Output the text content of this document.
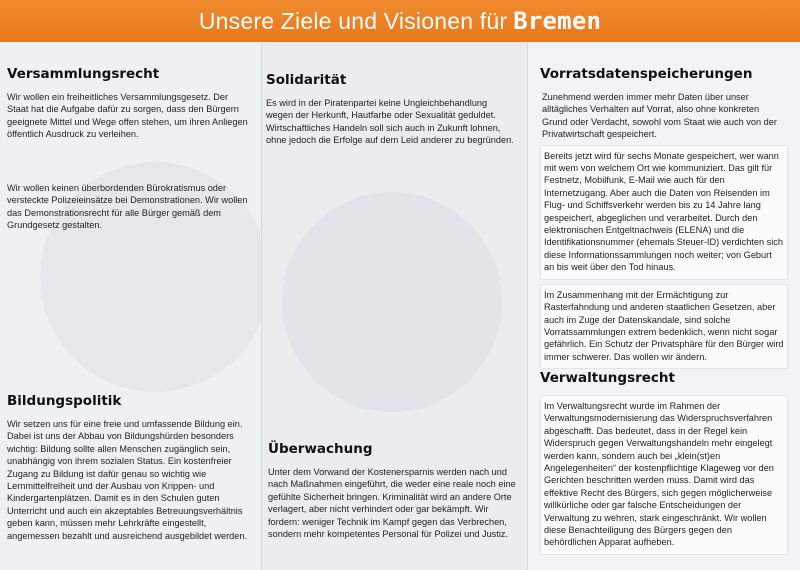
Unsere Ziele und Visionen für Bremen
Versammlungsrecht

Wir wollen ein freiheitliches Versammlungsgesetz. Der Staat hat die Aufgabe dafür zu sorgen, dass den Bürgern geeignete Mittel und Wege offen stehen, um ihren Anliegen öffentlich Ausdruck zu verleihen.

Wir wollen keinen überbordenden Bürokratismus oder versteckte Polizeieinsätze bei Demonstrationen. Wir wollen das Demonstrationsrecht für alle Bürger gemäß dem Grundgesetz gestalten.

Bildungspolitik

Wir setzen uns für eine freie und umfassende Bildung ein. Dabei ist uns der Abbau von Bildungshürden besonders wichtig: Bildung sollte allen Menschen zugänglich sein, unabhängig von ihrem sozialen Status. Ein kostenfreier Zugang zu Bildung ist dafür genau so wichtig wie Lernmittelfreiheit und der Ausbau von Krippen- und Kindergartenplätzen. Damit es in den Schulen guten Unterricht und auch ein akzeptables Betreuungsverhältnis geben kann, müssen mehr Lehrkräfte eingestellt, angemessen bezahlt und ausreichend ausgebildet werden.

Solidarität

Es wird in der Piratenpartei keine Ungleichbehandlung wegen der Herkunft, Hautfarbe oder Sexualität geduldet. Wirtschaftliches Handeln soll sich auch in Zukunft lohnen, ohne jedoch die Erfolge auf dem Leid anderer zu begründen.

Überwachung

Unter dem Vorwand der Kostenersparnis werden nach und nach Maßnahmen eingeführt, die weder eine reale noch eine gefühlte Sicherheit bringen. Kriminalität wird an andere Orte verlagert, aber nicht verhindert oder gar bekämpft. Wir fordern: weniger Technik im Kampf gegen das Verbrechen, sondern mehr kompetentes Personal für Polizei und Justiz.

Vorratsdatenspeicherungen

Zunehmend werden immer mehr Daten über unser alltägliches Verhalten auf Vorrat, also ohne konkreten Grund oder Verdacht, sowohl vom Staat wie auch von der Privatwirtschaft gespeichert.

Bereits jetzt wird für sechs Monate gespeichert, wer wann mit wem von welchem Ort wie kommuniziert. Das gilt für Festnetz, Mobilfunk, E-Mail wie auch für den Internetzugang. Aber auch die Daten von Reisenden im Flug- und Schiffsverkehr werden bis zu 14 Jahre lang gespeichert, abgeglichen und verarbeitet. Durch den elektronischen Entgeltnachweis (ELENA) und die Identifikationsnummer (ehemals Steuer-ID) verdichten sich diese Informationssammlungen noch weiter; von Geburt an bis weit über den Tod hinaus.

Im Zusammenhang mit der Ermächtigung zur Rasterfahndung und anderen staatlichen Gesetzen, aber auch im Zuge der Datenskandale, sind solche Vorratssammlungen extrem bedenklich, wenn nicht sogar gefährlich. Ein Schutz der Privatsphäre für den Bürger wird immer schwerer. Das wollen wir ändern.

Verwaltungsrecht

Im Verwaltungsrecht wurde im Rahmen der Verwaltungsmodernisierung das Widerspruchsverfahren abgeschafft. Das bedeutet, dass in der Regel kein Widerspruch gegen Verwaltungshandeln mehr eingelegt werden kann, sondern auch bei „klein(st)en Angelegenheiten“ der kostenpflichtige Klageweg vor den Gerichten beschritten werden muss. Damit wird das effektive Recht des Bürgers, sich gegen möglicherweise willkürliche oder gar falsche Entscheidungen der Verwaltung zu wehren, stark eingeschränkt. Wir wollen diese Benachteiligung des Bürgers gegen den behördlichen Apparat aufheben.
